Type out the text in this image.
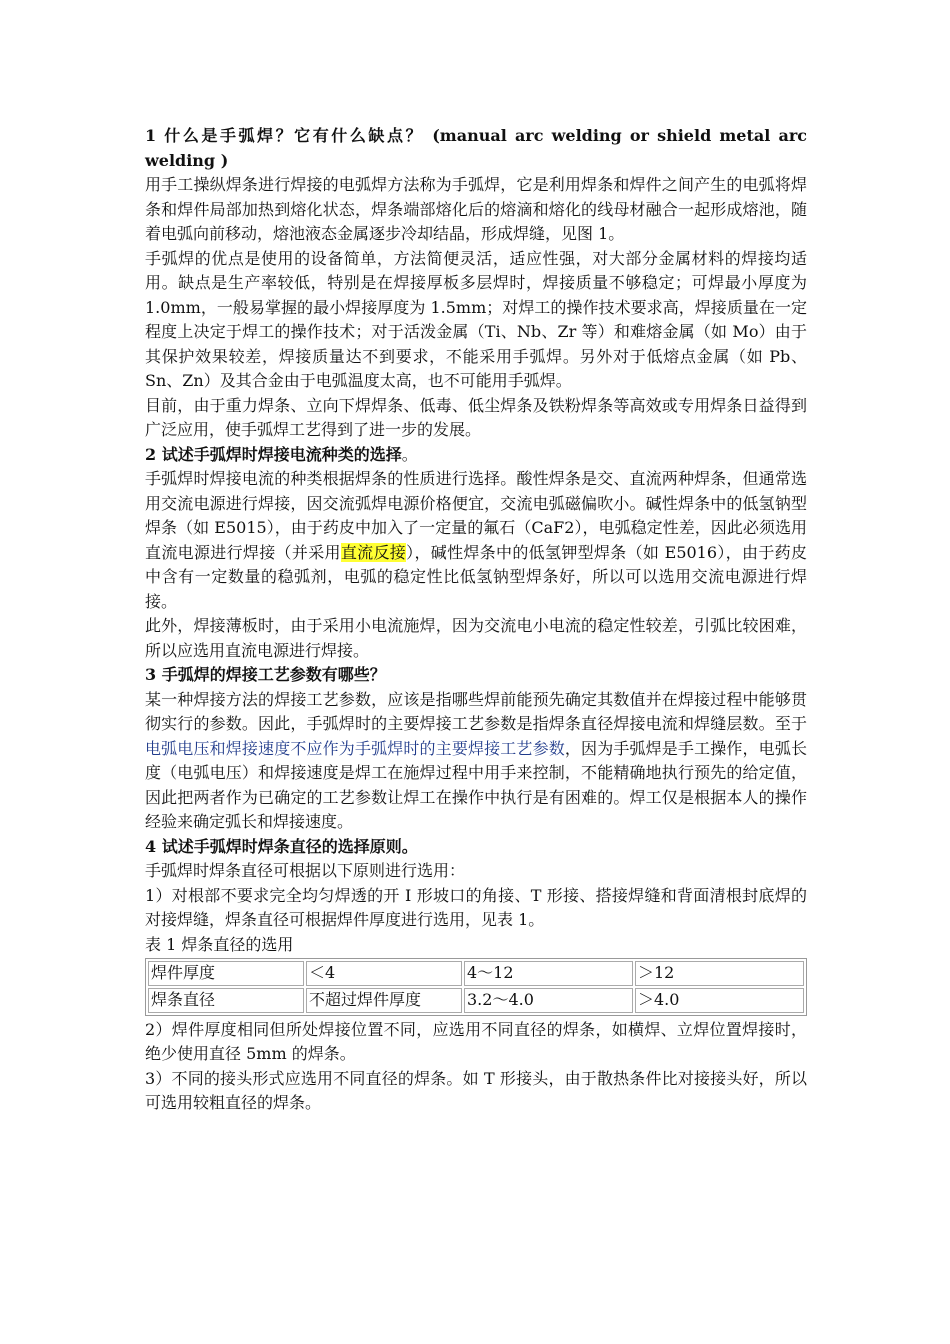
1 什么是手弧焊？它有什么缺点？ (manual arc welding or shield metal arc welding )

用手工操纵焊条进行焊接的电弧焊方法称为手弧焊，它是利用焊条和焊件之间产生的电弧将焊条和焊件局部加热到熔化状态，焊条端部熔化后的熔滴和熔化的线母材融合一起形成熔池，随着电弧向前移动，熔池液态金属逐步冷却结晶，形成焊缝，见图 1。

手弧焊的优点是使用的设备简单，方法简便灵活，适应性强，对大部分金属材料的焊接均适用。缺点是生产率较低，特别是在焊接厚板多层焊时，焊接质量不够稳定；可焊最小厚度为 1.0mm，一般易掌握的最小焊接厚度为 1.5mm；对焊工的操作技术要求高，焊接质量在一定程度上决定于焊工的操作技术；对于活泼金属（Ti、Nb、Zr 等）和难熔金属（如 Mo）由于其保护效果较差，焊接质量达不到要求，不能采用手弧焊。另外对于低熔点金属（如 Pb、Sn、Zn）及其合金由于电弧温度太高，也不可能用手弧焊。

目前，由于重力焊条、立向下焊焊条、低毒、低尘焊条及铁粉焊条等高效或专用焊条日益得到广泛应用，使手弧焊工艺得到了进一步的发展。

2 试述手弧焊时焊接电流种类的选择。

手弧焊时焊接电流的种类根据焊条的性质进行选择。酸性焊条是交、直流两种焊条，但通常选用交流电源进行焊接，因交流弧焊电源价格便宜，交流电弧磁偏吹小。碱性焊条中的低氢钠型焊条（如 E5015），由于药皮中加入了一定量的氟石（CaF2），电弧稳定性差，因此必须选用直流电源进行焊接（并采用直流反接），碱性焊条中的低氢钾型焊条（如 E5016），由于药皮中含有一定数量的稳弧剂，电弧的稳定性比低氢钠型焊条好，所以可以选用交流电源进行焊接。

此外，焊接薄板时，由于采用小电流施焊，因为交流电小电流的稳定性较差，引弧比较困难，所以应选用直流电源进行焊接。

3 手弧焊的焊接工艺参数有哪些？

某一种焊接方法的焊接工艺参数，应该是指哪些焊前能预先确定其数值并在焊接过程中能够贯彻实行的参数。因此，手弧焊时的主要焊接工艺参数是指焊条直径焊接电流和焊缝层数。至于电弧电压和焊接速度不应作为手弧焊时的主要焊接工艺参数，因为手弧焊是手工操作，电弧长度（电弧电压）和焊接速度是焊工在施焊过程中用手来控制，不能精确地执行预先的给定值，因此把两者作为已确定的工艺参数让焊工在操作中执行是有困难的。焊工仅是根据本人的操作经验来确定弧长和焊接速度。

4 试述手弧焊时焊条直径的选择原则。

手弧焊时焊条直径可根据以下原则进行选用：

1）对根部不要求完全均匀焊透的开 I 形坡口的角接、T 形接、搭接焊缝和背面清根封底焊的对接焊缝，焊条直径可根据焊件厚度进行选用，见表 1。

表 1 焊条直径的选用

焊件厚度	＜4	4～12	＞12
焊条直径	不超过焊件厚度	3.2～4.0	＞4.0

2）焊件厚度相同但所处焊接位置不同，应选用不同直径的焊条，如横焊、立焊位置焊接时，绝少使用直径 5mm 的焊条。

3）不同的接头形式应选用不同直径的焊条。如 T 形接头，由于散热条件比对接接头好，所以可选用较粗直径的焊条。
